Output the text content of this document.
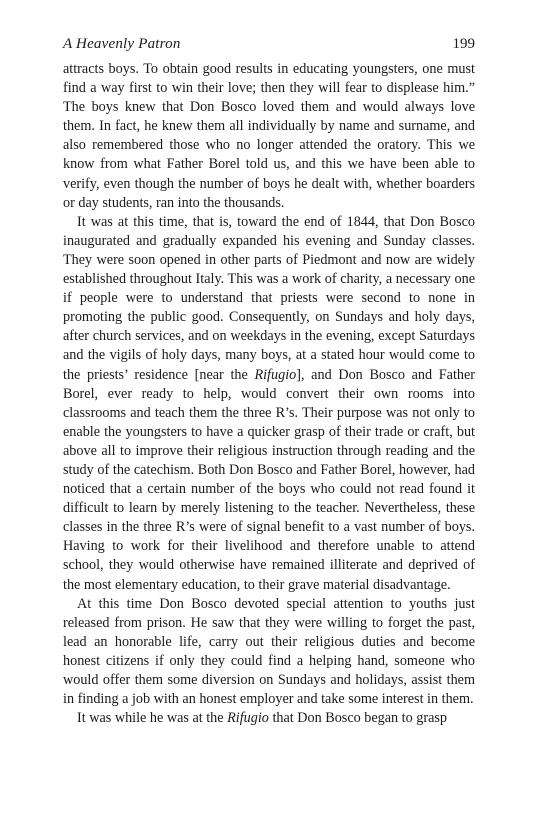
A Heavenly Patron	199

attracts boys. To obtain good results in educating youngsters, one must find a way first to win their love; then they will fear to displease him.” The boys knew that Don Bosco loved them and would always love them. In fact, he knew them all individually by name and surname, and also remembered those who no longer attended the oratory. This we know from what Father Borel told us, and this we have been able to verify, even though the number of boys he dealt with, whether boarders or day students, ran into the thousands.

It was at this time, that is, toward the end of 1844, that Don Bosco inaugurated and gradually expanded his evening and Sunday classes. They were soon opened in other parts of Piedmont and now are widely established throughout Italy. This was a work of charity, a necessary one if people were to understand that priests were second to none in promoting the public good. Consequently, on Sundays and holy days, after church services, and on weekdays in the evening, except Saturdays and the vigils of holy days, many boys, at a stated hour would come to the priests’ residence [near the Rifugio], and Don Bosco and Father Borel, ever ready to help, would convert their own rooms into classrooms and teach them the three R’s. Their purpose was not only to enable the youngsters to have a quicker grasp of their trade or craft, but above all to improve their religious instruction through reading and the study of the catechism. Both Don Bosco and Father Borel, however, had noticed that a certain number of the boys who could not read found it difficult to learn by merely listening to the teacher. Nevertheless, these classes in the three R’s were of signal benefit to a vast number of boys. Having to work for their livelihood and therefore unable to attend school, they would otherwise have remained illiterate and deprived of the most elementary education, to their grave material disadvantage.

At this time Don Bosco devoted special attention to youths just released from prison. He saw that they were willing to forget the past, lead an honorable life, carry out their religious duties and become honest citizens if only they could find a helping hand, someone who would offer them some diversion on Sundays and holidays, assist them in finding a job with an honest employer and take some interest in them.

It was while he was at the Rifugio that Don Bosco began to grasp
